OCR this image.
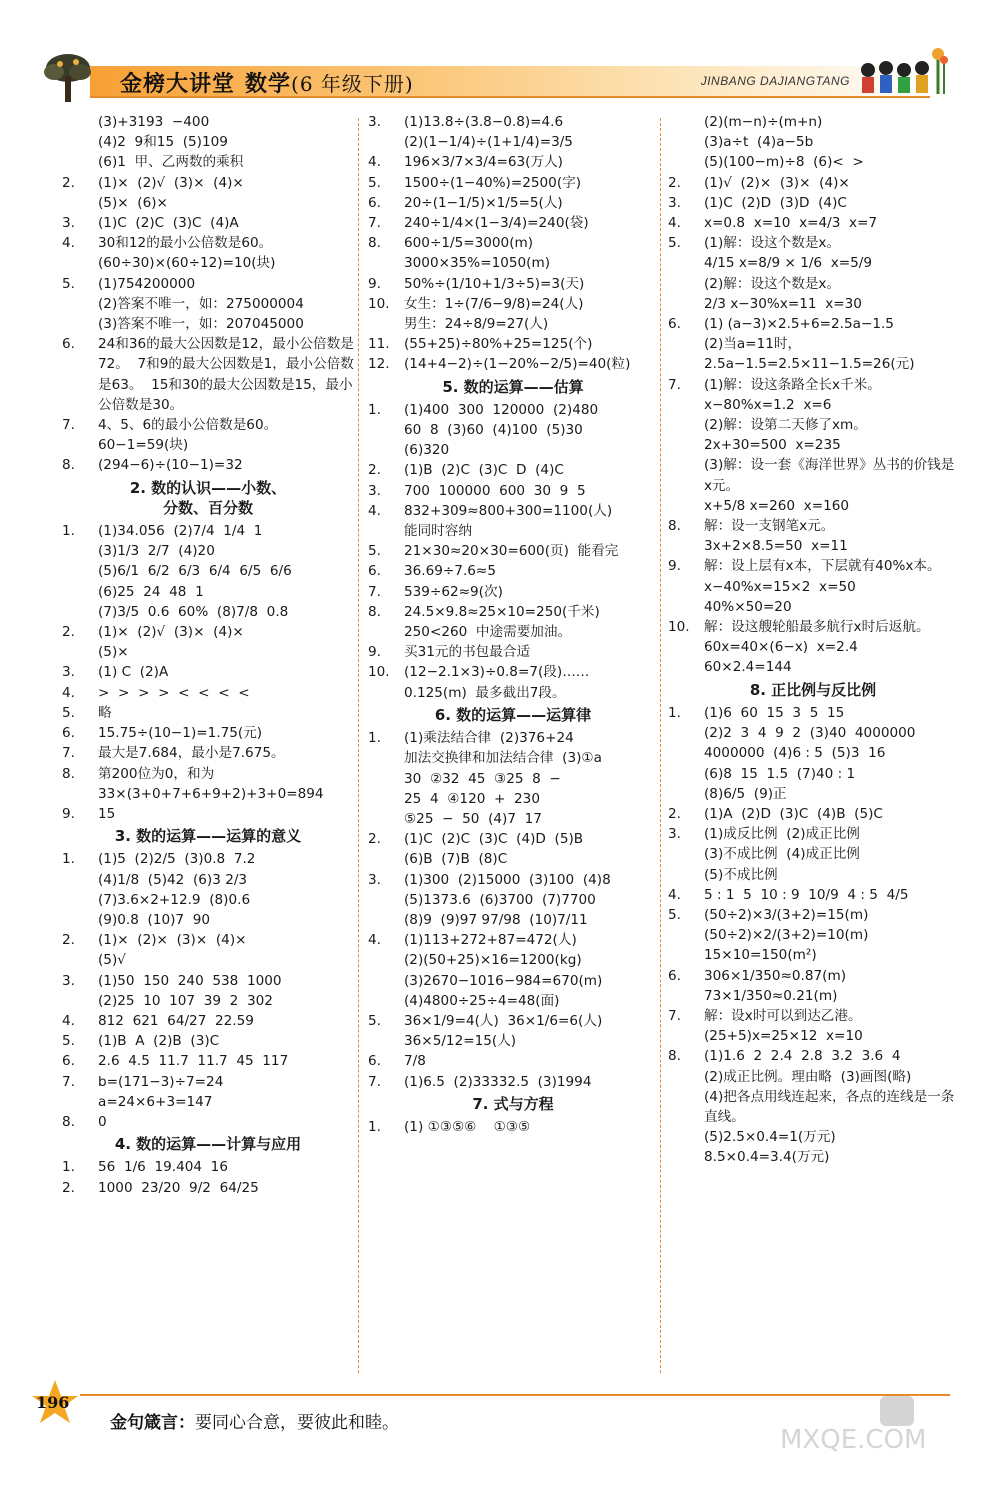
金榜大讲堂 数学(6 年级下册)	JINBANG DAJIANGTANG
(3)+3193  −400
(4)2  9和15  (5)109
(6)1  甲、乙两数的乘积
2.	(1)×  (2)√  (3)×  (4)×
(5)×  (6)×
3.	(1)C  (2)C  (3)C  (4)A
4.	30和12的最小公倍数是60。
(60÷30)×(60÷12)=10(块)
5.	(1)754200000
(2)答案不唯一，如：275000004
(3)答案不唯一，如：207045000
6.	24和36的最大公因数是12，最小公倍数是72。  7和9的最大公因数是1，最小公倍数是63。  15和30的最大公因数是15，最小公倍数是30。
7.	4、5、6的最小公倍数是60。
60−1=59(块)
8.	(294−6)÷(10−1)=32
2. 数的认识——小数、
分数、百分数
1.	(1)34.056  (2)7/4  1/4  1
(3)1/3  2/7  (4)20
(5)6/1  6/2  6/3  6/4  6/5  6/6
(6)25  24  48  1
(7)3/5  0.6  60%  (8)7/8  0.8
2.	(1)×  (2)√  (3)×  (4)×
(5)×
3.	(1) C  (2)A
4.	>  >  >  >  <  <  <  <
5.	略
6.	15.75÷(10−1)=1.75(元)
7.	最大是7.684，最小是7.675。
8.	第200位为0，和为33×(3+0+7+6+9+2)+3+0=894
9.	15
3. 数的运算——运算的意义
1.	(1)5  (2)2/5  (3)0.8  7.2
(4)1/8  (5)42  (6)3 2/3
(7)3.6×2+12.9  (8)0.6
(9)0.8  (10)7  90
2.	(1)×  (2)×  (3)×  (4)×
(5)√
3.	(1)50  150  240  538  1000
(2)25  10  107  39  2  302
4.	812  621  64/27  22.59
5.	(1)B  A  (2)B  (3)C
6.	2.6  4.5  11.7  11.7  45  117
7.	b=(171−3)÷7=24
a=24×6+3=147
8.	0
4. 数的运算——计算与应用
1.	56  1/6  19.404  16
2.	1000  23/20  9/2  64/25
3.	(1)13.8÷(3.8−0.8)=4.6
(2)(1−1/4)÷(1+1/4)=3/5
4.	196×3/7×3/4=63(万人)
5.	1500÷(1−40%)=2500(字)
6.	20÷(1−1/5)×1/5=5(人)
7.	240÷1/4×(1−3/4)=240(袋)
8.	600÷1/5=3000(m)
3000×35%=1050(m)
9.	50%÷(1/10+1/3÷5)=3(天)
10.	女生：1÷(7/6−9/8)=24(人)
男生：24÷8/9=27(人)
11.	(55+25)÷80%+25=125(个)
12.	(14+4−2)÷(1−20%−2/5)=40(粒)
5. 数的运算——估算
1.	(1)400  300  120000  (2)480
60  8  (3)60  (4)100  (5)30
(6)320
2.	(1)B  (2)C  (3)C  D  (4)C
3.	700  100000  600  30  9  5
4.	832+309≈800+300=1100(人)
能同时容纳
5.	21×30≈20×30=600(页)  能看完
6.	36.69÷7.6≈5
7.	539÷62≈9(次)
8.	24.5×9.8≈25×10=250(千米)
250<260  中途需要加油。
9.	买31元的书包最合适
10.	(12−2.1×3)÷0.8=7(段)……
0.125(m)  最多截出7段。
6. 数的运算——运算律
1.	(1)乘法结合律  (2)376+24
加法交换律和加法结合律  (3)①a
30  ②32  45  ③25  8  −
25  4  ④120  +  230
⑤25  −  50  (4)7  17
2.	(1)C  (2)C  (3)C  (4)D  (5)B
(6)B  (7)B  (8)C
3.	(1)300  (2)15000  (3)100  (4)8
(5)1373.6  (6)3700  (7)7700
(8)9  (9)97 97/98  (10)7/11
4.	(1)113+272+87=472(人)
(2)(50+25)×16=1200(kg)
(3)2670−1016−984=670(m)
(4)4800÷25÷4=48(面)
5.	36×1/9=4(人)  36×1/6=6(人)
36×5/12=15(人)
6.	7/8
7.	(1)6.5  (2)33332.5  (3)1994
7. 式与方程
1.	(1) ①③⑤⑥    ①③⑤
(2)(m−n)÷(m+n)
(3)a÷t  (4)a−5b
(5)(100−m)÷8  (6)<  >
2.	(1)√  (2)×  (3)×  (4)×
3.	(1)C  (2)D  (3)D  (4)C
4.	x=0.8  x=10  x=4/3  x=7
5.	(1)解：设这个数是x。
4/15 x=8/9 × 1/6  x=5/9
(2)解：设这个数是x。
2/3 x−30%x=11  x=30
6.	(1) (a−3)×2.5+6=2.5a−1.5
(2)当a=11时，2.5a−1.5=2.5×11−1.5=26(元)
7.	(1)解：设这条路全长x千米。
x−80%x=1.2  x=6
(2)解：设第二天修了xm。
2x+30=500  x=235
(3)解：设一套《海洋世界》丛书的价钱是x元。
x+5/8 x=260  x=160
8.	解：设一支钢笔x元。
3x+2×8.5=50  x=11
9.	解：设上层有x本，下层就有40%x本。
x−40%x=15×2  x=50
40%×50=20
10.	解：设这艘轮船最多航行x时后返航。
60x=40×(6−x)  x=2.4
60×2.4=144
8. 正比例与反比例
1.	(1)6  60  15  3  5  15
(2)2  3  4  9  2  (3)40  4000000
4000000  (4)6 : 5  (5)3  16
(6)8  15  1.5  (7)40 : 1
(8)6/5  (9)正
2.	(1)A  (2)D  (3)C  (4)B  (5)C
3.	(1)成反比例  (2)成正比例
(3)不成比例  (4)成正比例
(5)不成比例
4.	5 : 1  5  10 : 9  10/9  4 : 5  4/5
5.	(50÷2)×3/(3+2)=15(m)
(50÷2)×2/(3+2)=10(m)
15×10=150(m²)
6.	306×1/350≈0.87(m)
73×1/350≈0.21(m)
7.	解：设x时可以到达乙港。
(25+5)x=25×12  x=10
8.	(1)1.6  2  2.4  2.8  3.2  3.6  4
(2)成正比例。理由略  (3)画图(略)
(4)把各点用线连起来，各点的连线是一条直线。
(5)2.5×0.4=1(万元)
8.5×0.4=3.4(万元)
196
金句箴言：要同心合意，要彼此和睦。
MXQE.COM
